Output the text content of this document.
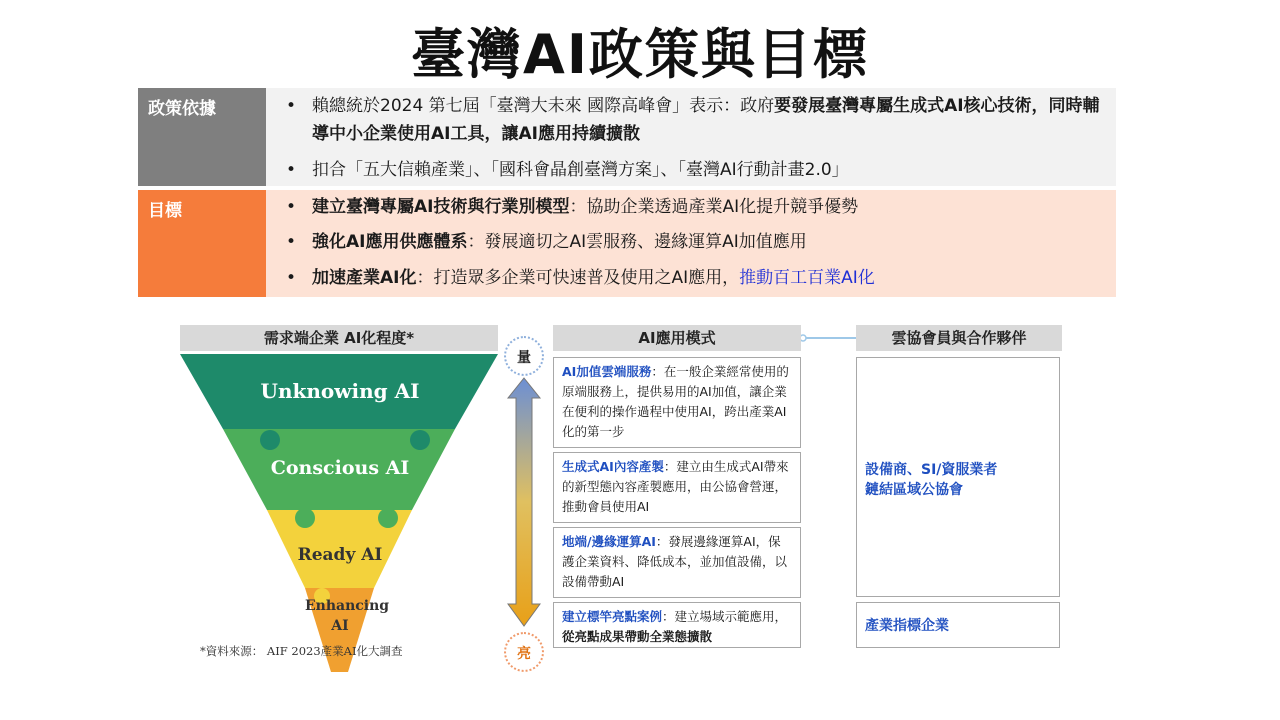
臺灣AI政策與目標
政策依據	• 賴總統於2024 第七屆「臺灣大未來 國際高峰會」表示：政府要發展臺灣專屬生成式AI核心技術，同時輔導中小企業使用AI工具，讓AI應用持續擴散
• 扣合「五大信賴產業」、「國科會晶創臺灣方案」、「臺灣AI行動計畫2.0」
目標	• 建立臺灣專屬AI技術與行業別模型：協助企業透過產業AI化提升競爭優勢
• 強化AI應用供應體系：發展適切之AI雲服務、邊緣運算AI加值應用
• 加速產業AI化：打造眾多企業可快速普及使用之AI應用，推動百工百業AI化
需求端企業 AI化程度*
Unknowing AI
Conscious AI
Ready AI
Enhancing
AI
*資料來源： AIF 2023產業AI化大調查
量
亮
AI應用模式
AI加值雲端服務：在一般企業經常使用的原端服務上，提供易用的AI加值，讓企業在便利的操作過程中使用AI，跨出產業AI化的第一步
生成式AI內容產製：建立由生成式AI帶來的新型態內容產製應用，由公協會營運，推動會員使用AI
地端/邊緣運算AI：發展邊緣運算AI，保護企業資料、降低成本，並加值設備，以設備帶動AI
建立標竿亮點案例：建立場域示範應用，從亮點成果帶動全業態擴散
雲協會員與合作夥伴
設備商、SI/資服業者
鏈結區域公協會
產業指標企業
